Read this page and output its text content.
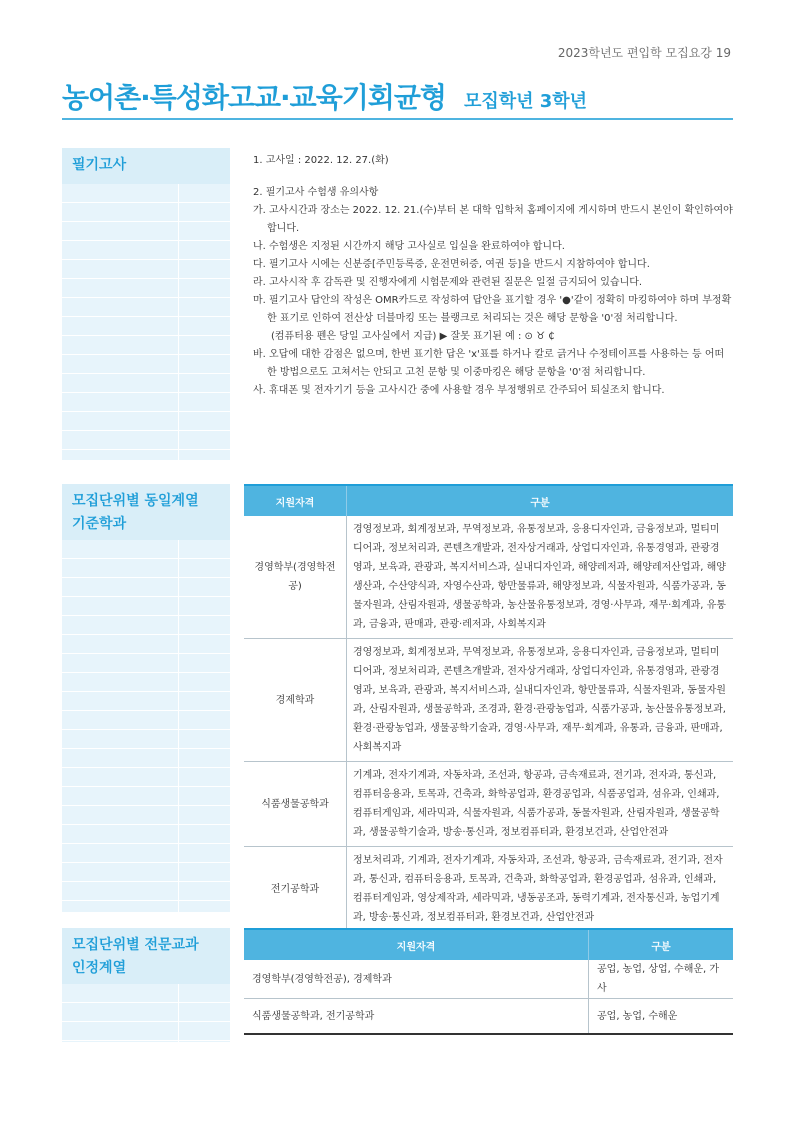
2023학년도 편입학 모집요강 19
농어촌·특성화고교·교육기회균형 모집학년 3학년
필기고사	1. 고사일 : 2022. 12. 27.(화)

2. 필기고사 수험생 유의사항

가. 고사시간과 장소는 2022. 12. 21.(수)부터 본 대학 입학처 홈페이지에 게시하며 반드시 본인이 확인하여야 합니다.

나. 수험생은 지정된 시간까지 해당 고사실로 입실을 완료하여야 합니다.

다. 필기고사 시에는 신분증[주민등록증, 운전면허증, 여권 등]을 반드시 지참하여야 합니다.

라. 고사시작 후 감독관 및 진행자에게 시험문제와 관련된 질문은 일절 금지되어 있습니다.

마. 필기고사 답안의 작성은 OMR카드로 작성하여 답안을 표기할 경우 '●'같이 정확히 마킹하여야 하며 부정확한 표기로 인하여 전산상 더블마킹 또는 블랭크로 처리되는 것은 해당 문항을 '0'점 처리합니다.

(컴퓨터용 펜은 당일 고사실에서 지급) ▶ 잘못 표기된 예 : ⊙ ♉ ₵

바. 오답에 대한 감점은 없으며, 한번 표기한 답은 'x'표를 하거나 칼로 긁거나 수정테이프를 사용하는 등 어떠한 방법으로도 고쳐서는 안되고 고친 문항 및 이중마킹은 해당 문항을 '0'점 처리합니다.

사. 휴대폰 및 전자기기 등을 고사시간 중에 사용할 경우 부정행위로 간주되어 퇴실조치 합니다.

모집단위별 동일계열
기준학과
지원자격	구분
경영학부(경영학전공)	경영정보과, 회계정보과, 무역정보과, 유통정보과, 응용디자인과, 금융정보과, 멀티미디어과, 정보처리과, 콘텐츠개발과, 전자상거래과, 상업디자인과, 유통경영과, 관광경영과, 보육과, 관광과, 복지서비스과, 실내디자인과, 해양레저과, 해양레저산업과, 해양생산과, 수산양식과, 자영수산과, 항만물류과, 해양정보과, 식물자원과, 식품가공과, 동물자원과, 산림자원과, 생물공학과, 농산물유통정보과, 경영·사무과, 재무·회계과, 유통과, 금융과, 판매과, 관광·레저과, 사회복지과
경제학과	경영정보과, 회계정보과, 무역정보과, 유통정보과, 응용디자인과, 금융정보과, 멀티미디어과, 정보처리과, 콘텐츠개발과, 전자상거래과, 상업디자인과, 유통경영과, 관광경영과, 보육과, 관광과, 복지서비스과, 실내디자인과, 항만물류과, 식물자원과, 동물자원과, 산림자원과, 생물공학과, 조경과, 환경·관광농업과, 식품가공과, 농산물유통정보과, 환경·관광농업과, 생물공학기술과, 경영·사무과, 재무·회계과, 유통과, 금융과, 판매과, 사회복지과
식품생물공학과	기계과, 전자기계과, 자동차과, 조선과, 항공과, 금속재료과, 전기과, 전자과, 통신과, 컴퓨터응용과, 토목과, 건축과, 화학공업과, 환경공업과, 식품공업과, 섬유과, 인쇄과, 컴퓨터게임과, 세라믹과, 식물자원과, 식품가공과, 동물자원과, 산림자원과, 생물공학과, 생물공학기술과, 방송·통신과, 정보컴퓨터과, 환경보건과, 산업안전과
전기공학과	정보처리과, 기계과, 전자기계과, 자동차과, 조선과, 항공과, 금속재료과, 전기과, 전자과, 통신과, 컴퓨터응용과, 토목과, 건축과, 화학공업과, 환경공업과, 섬유과, 인쇄과, 컴퓨터게임과, 영상제작과, 세라믹과, 냉동공조과, 동력기계과, 전자통신과, 농업기계과, 방송·통신과, 정보컴퓨터과, 환경보건과, 산업안전과
모집단위별 전문교과
인정계열
지원자격	구분
경영학부(경영학전공), 경제학과	공업, 농업, 상업, 수해운, 가사
식품생물공학과, 전기공학과	공업, 농업, 수해운
